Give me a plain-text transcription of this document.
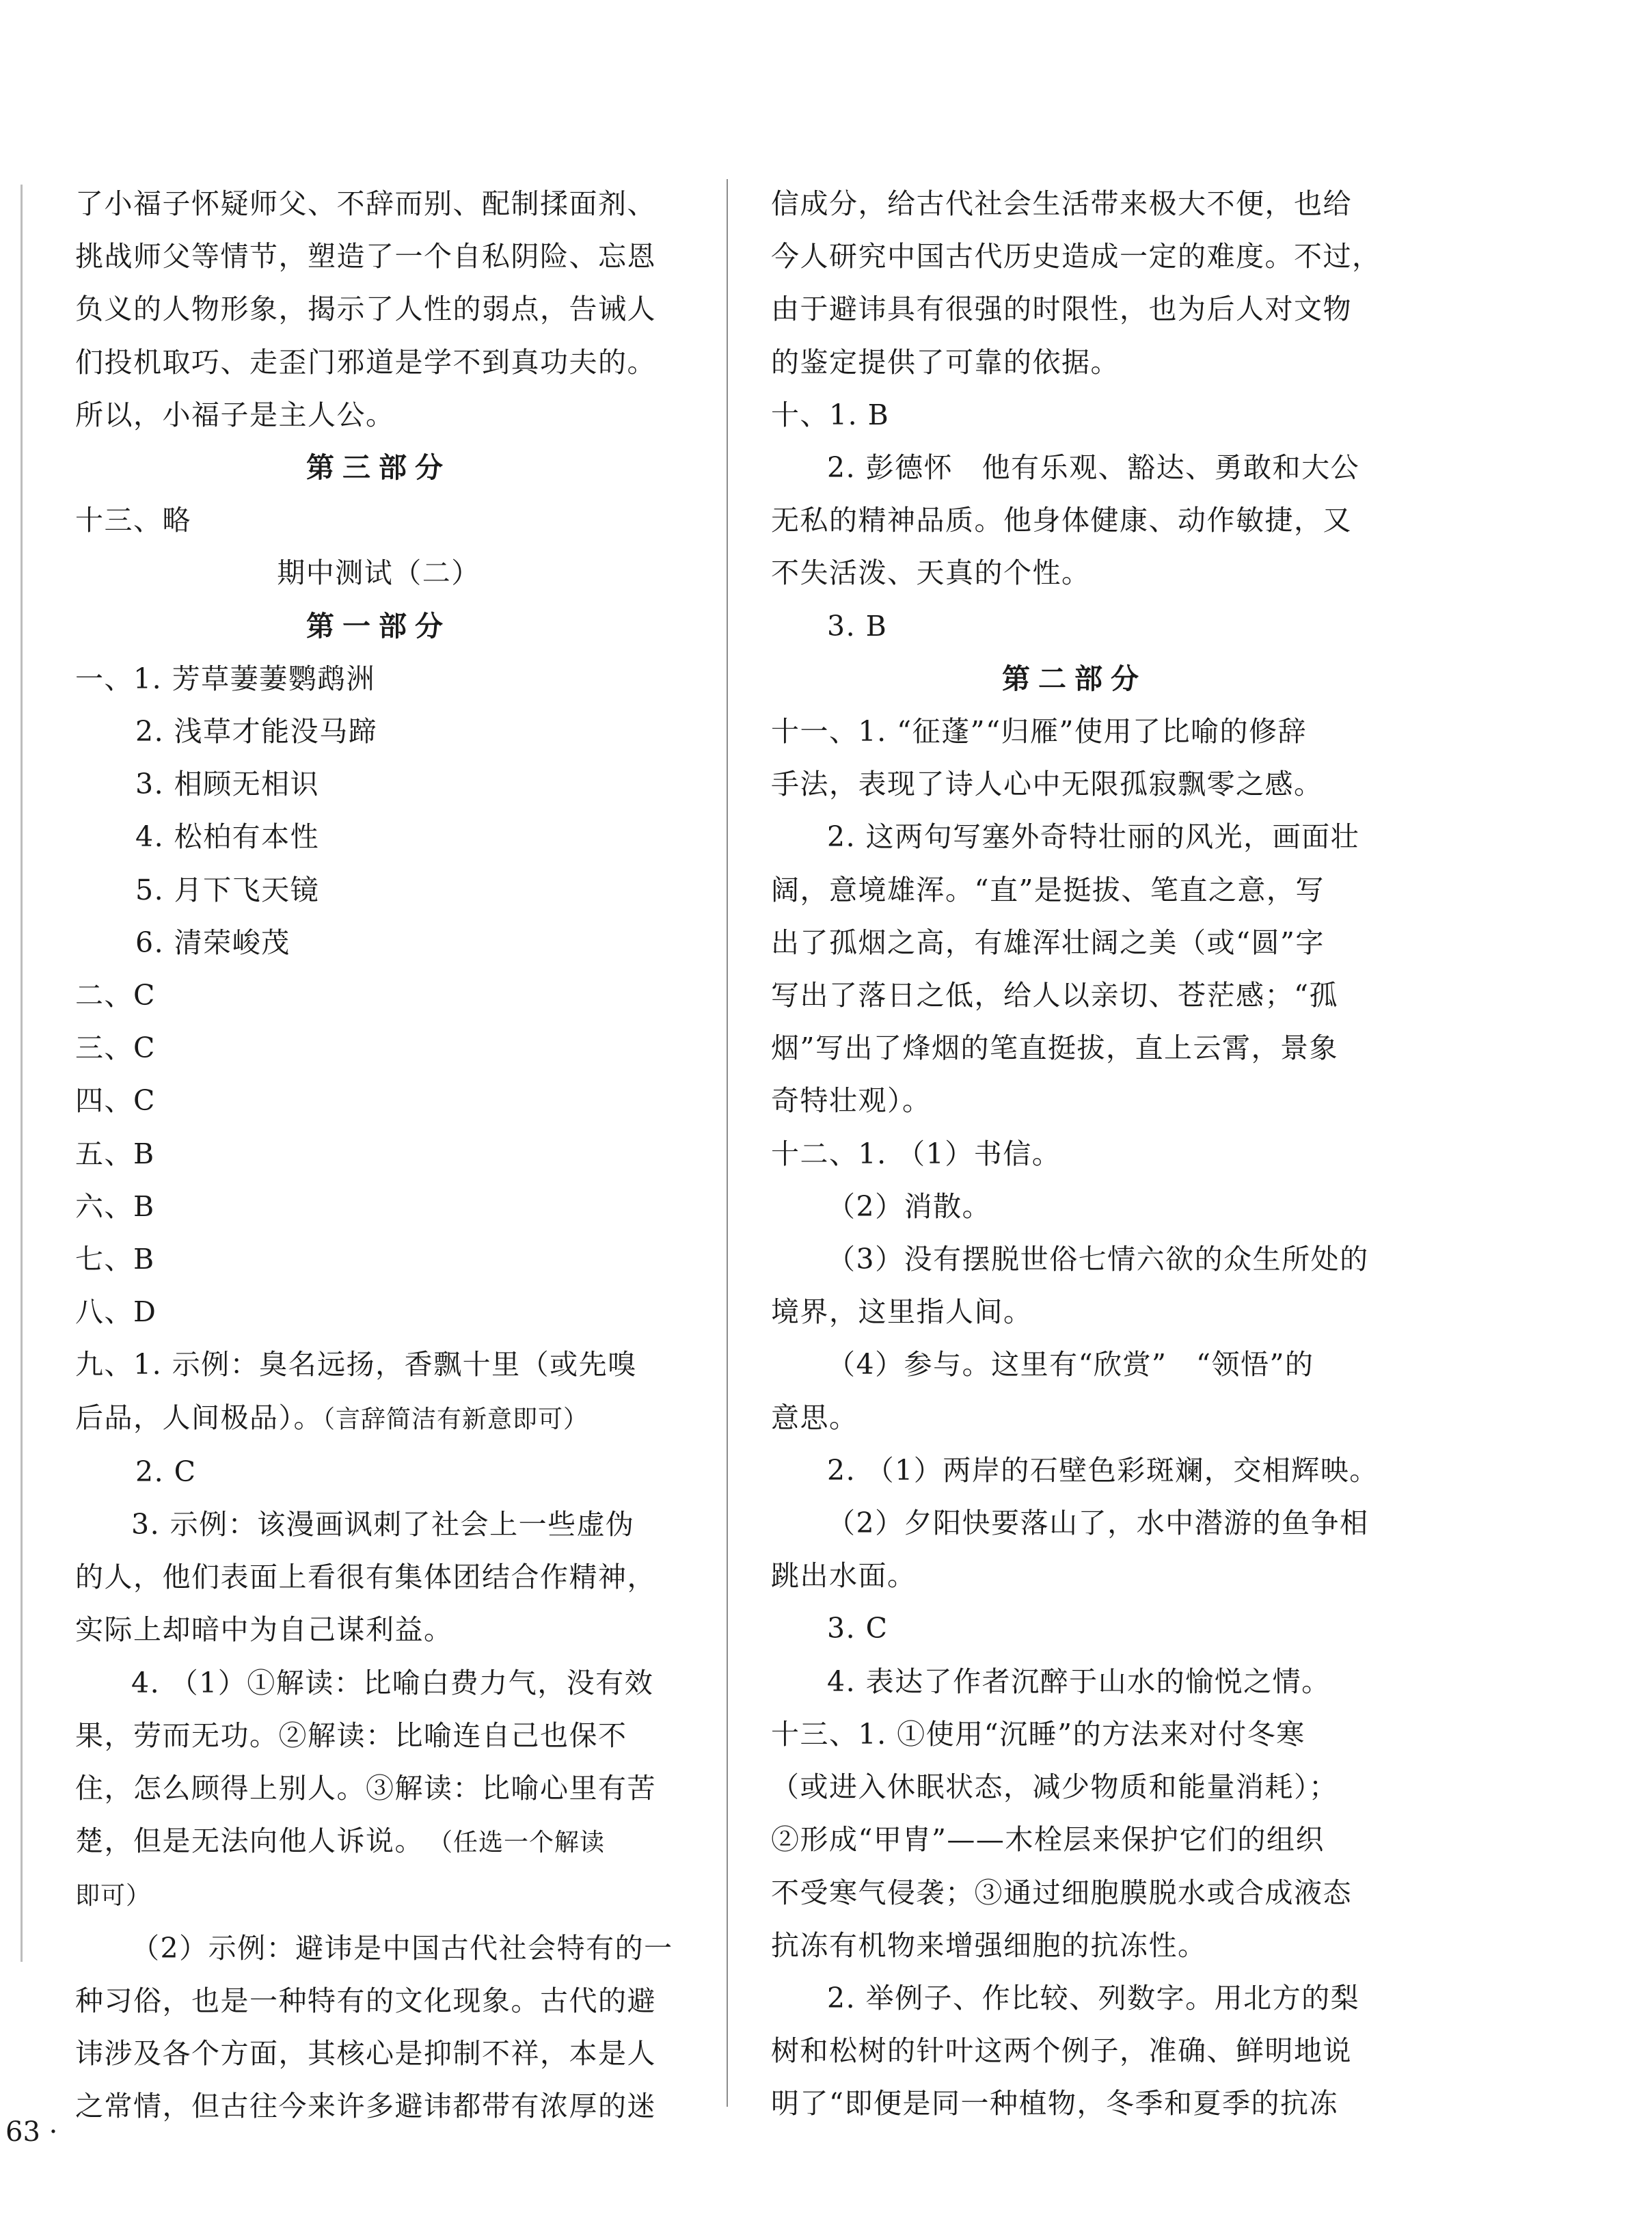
了小福子怀疑师父、不辞而别、配制揉面剂、

挑战师父等情节，塑造了一个自私阴险、忘恩

负义的人物形象，揭示了人性的弱点，告诫人

们投机取巧、走歪门邪道是学不到真功夫的。

所以，小福子是主人公。

第三部分

十三、略

期中测试（二）

第一部分

一、1. 芳草萋萋鹦鹉洲

2. 浅草才能没马蹄

3. 相顾无相识

4. 松柏有本性

5. 月下飞天镜

6. 清荣峻茂

二、C

三、C

四、C

五、B

六、B

七、B

八、D

九、1. 示例：臭名远扬，香飘十里（或先嗅

后品，人间极品）。（言辞简洁有新意即可）

2. C

3. 示例：该漫画讽刺了社会上一些虚伪

的人，他们表面上看很有集体团结合作精神，

实际上却暗中为自己谋利益。

4. （1）①解读：比喻白费力气，没有效

果，劳而无功。②解读：比喻连自己也保不

住，怎么顾得上别人。③解读：比喻心里有苦

楚，但是无法向他人诉说。 （任选一个解读

即可）

（2）示例：避讳是中国古代社会特有的一

种习俗，也是一种特有的文化现象。古代的避

讳涉及各个方面，其核心是抑制不祥，本是人

之常情，但古往今来许多避讳都带有浓厚的迷

信成分，给古代社会生活带来极大不便，也给

今人研究中国古代历史造成一定的难度。不过，

由于避讳具有很强的时限性，也为后人对文物

的鉴定提供了可靠的依据。

十、1. B

2. 彭德怀　他有乐观、豁达、勇敢和大公

无私的精神品质。他身体健康、动作敏捷，又

不失活泼、天真的个性。

3. B

第二部分

十一、1. “征蓬”“归雁”使用了比喻的修辞

手法，表现了诗人心中无限孤寂飘零之感。

2. 这两句写塞外奇特壮丽的风光，画面壮

阔，意境雄浑。“直”是挺拔、笔直之意，写

出了孤烟之高，有雄浑壮阔之美（或“圆”字

写出了落日之低，给人以亲切、苍茫感；“孤

烟”写出了烽烟的笔直挺拔，直上云霄，景象

奇特壮观）。

十二、1. （1）书信。

（2）消散。

（3）没有摆脱世俗七情六欲的众生所处的

境界，这里指人间。

（4）参与。这里有“欣赏”　“领悟”的

意思。

2. （1）两岸的石壁色彩斑斓，交相辉映。

（2）夕阳快要落山了，水中潜游的鱼争相

跳出水面。

3. C

4. 表达了作者沉醉于山水的愉悦之情。

十三、1. ①使用“沉睡”的方法来对付冬寒

（或进入休眠状态，减少物质和能量消耗）；

②形成“甲胄”——木栓层来保护它们的组织

不受寒气侵袭；③通过细胞膜脱水或合成液态

抗冻有机物来增强细胞的抗冻性。

2. 举例子、作比较、列数字。用北方的梨

树和松树的针叶这两个例子，准确、鲜明地说

明了“即便是同一种植物，冬季和夏季的抗冻

63 ·
